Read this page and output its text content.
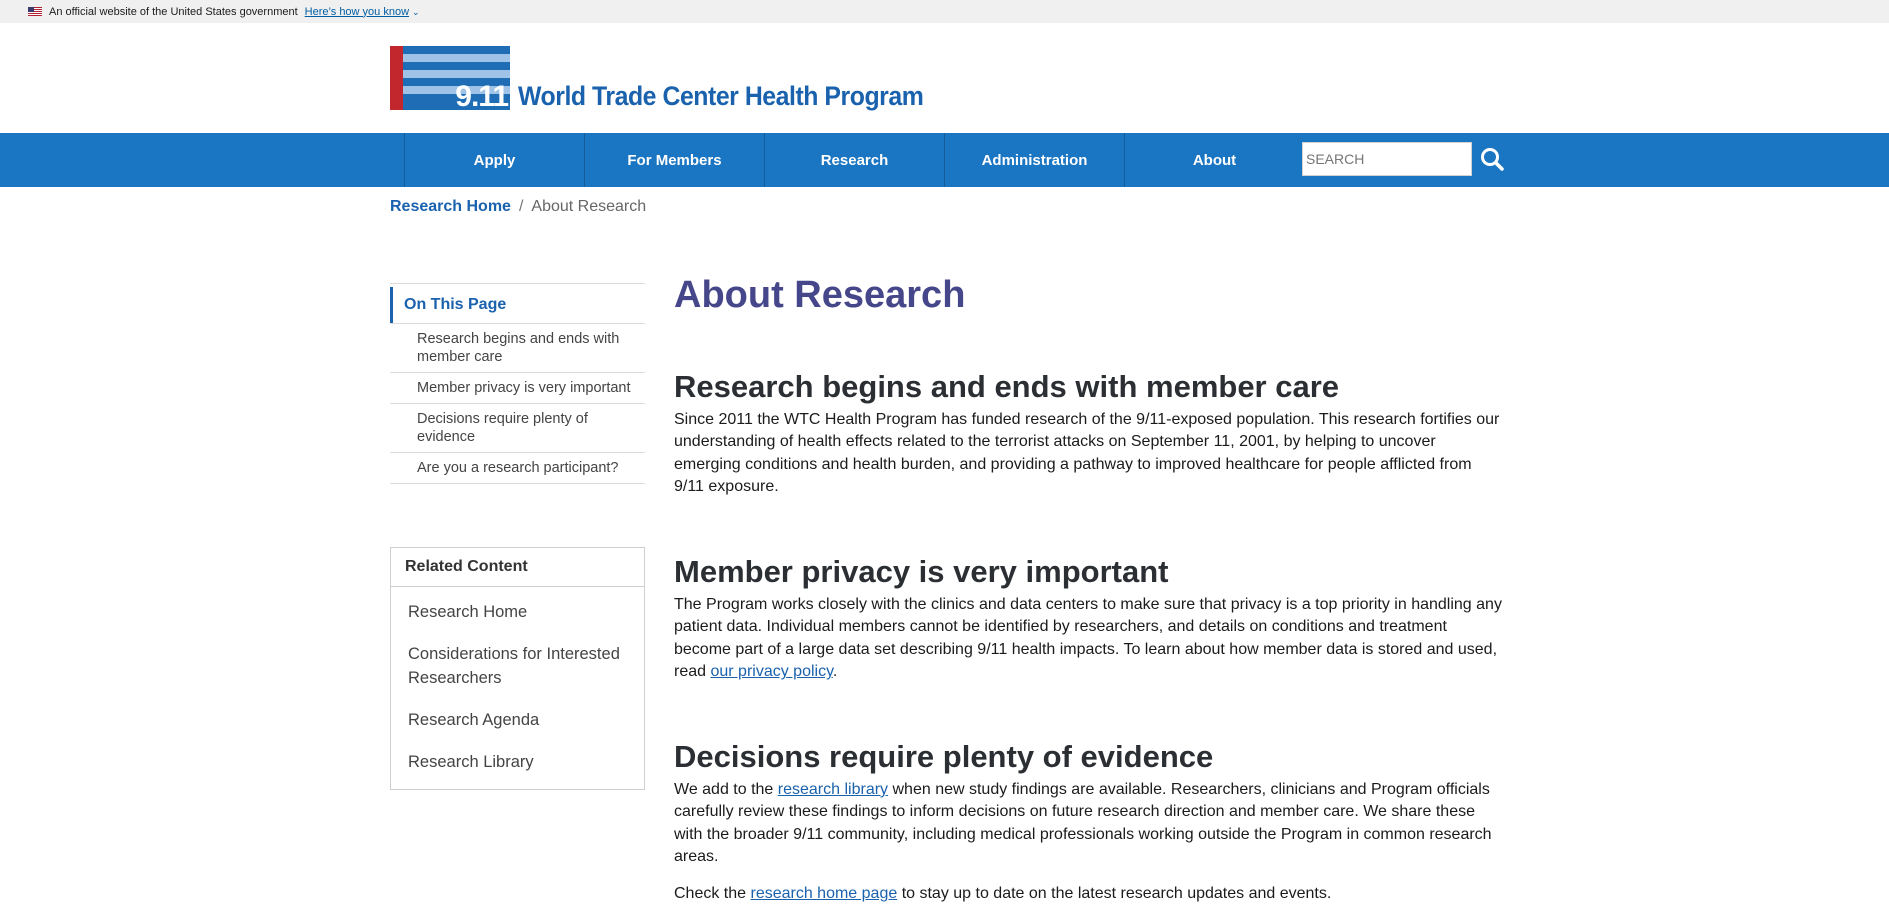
An official website of the United States government Here’s how you know ⌄
9.11 World Trade Center Health Program
Apply	For Members	Research	Administration	About
SEARCH
Research Home / About Research
On This Page
Research begins and ends with member care
Member privacy is very important
Decisions require plenty of evidence
Are you a research participant?
Related Content
Research Home
Considerations for Interested Researchers
Research Agenda
Research Library
About Research
Research begins and ends with member care

Since 2011 the WTC Health Program has funded research of the 9/11-exposed population. This research fortifies our understanding of health effects related to the terrorist attacks on September 11, 2001, by helping to uncover emerging conditions and health burden, and providing a pathway to improved healthcare for people afflicted from 9/11 exposure.

Member privacy is very important

The Program works closely with the clinics and data centers to make sure that privacy is a top priority in handling any patient data. Individual members cannot be identified by researchers, and details on conditions and treatment become part of a large data set describing 9/11 health impacts. To learn about how member data is stored and used, read our privacy policy.

Decisions require plenty of evidence

We add to the research library when new study findings are available. Researchers, clinicians and Program officials carefully review these findings to inform decisions on future research direction and member care. We share these with the broader 9/11 community, including medical professionals working outside the Program in common research areas.

Check the research home page to stay up to date on the latest research updates and events.
